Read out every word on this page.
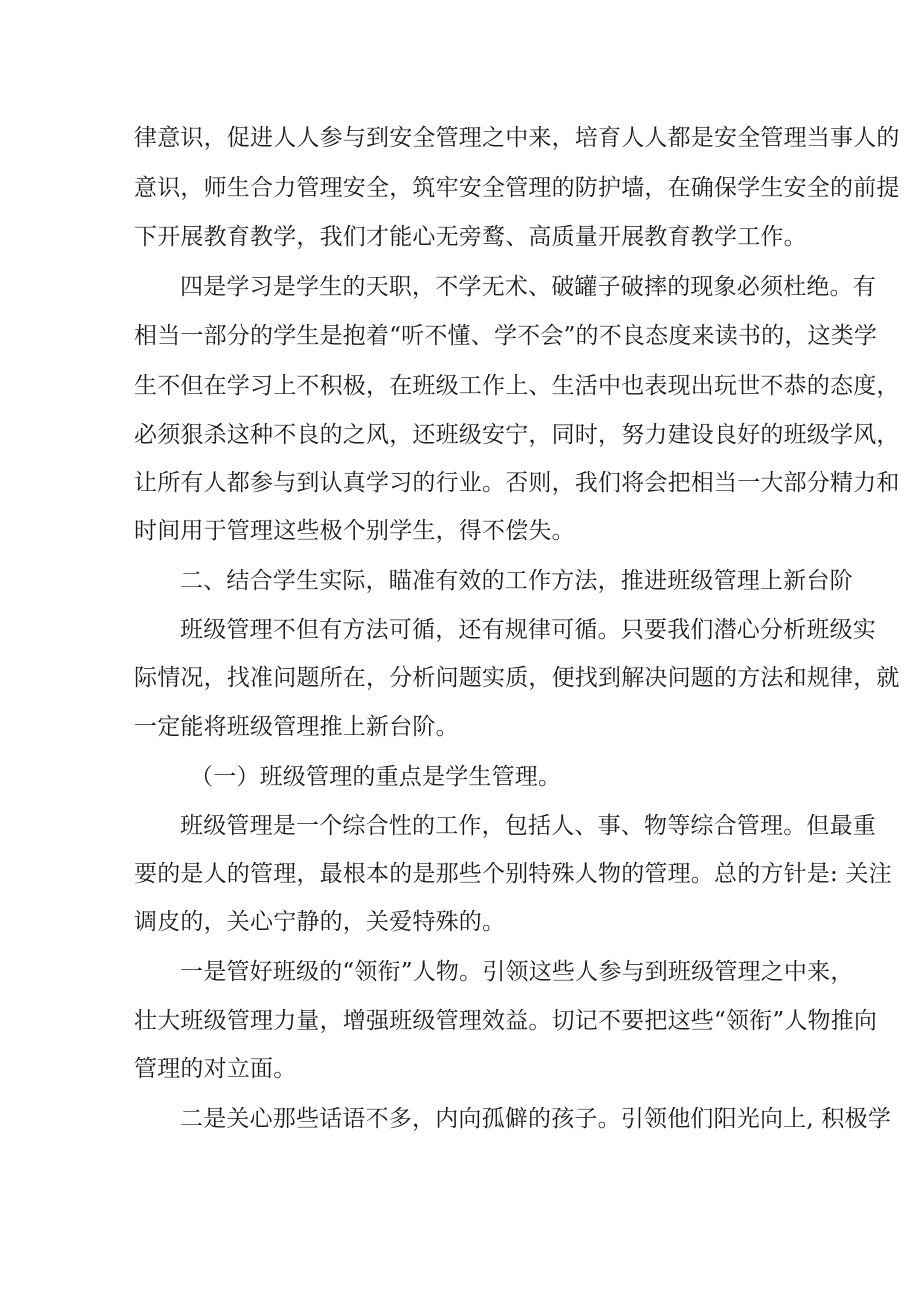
律意识，促进人人参与到安全管理之中来，培育人人都是安全管理当事人的
意识，师生合力管理安全，筑牢安全管理的防护墙，在确保学生安全的前提
下开展教育教学，我们才能心无旁鹜、高质量开展教育教学工作。
四是学习是学生的天职，不学无术、破罐子破摔的现象必须杜绝。有
相当一部分的学生是抱着“听不懂、学不会”的不良态度来读书的，这类学
生不但在学习上不积极，在班级工作上、生活中也表现出玩世不恭的态度，
必须狠杀这种不良的之风，还班级安宁，同时，努力建设良好的班级学风，
让所有人都参与到认真学习的行业。否则，我们将会把相当一大部分精力和
时间用于管理这些极个别学生，得不偿失。
二、结合学生实际，瞄准有效的工作方法，推进班级管理上新台阶
班级管理不但有方法可循，还有规律可循。只要我们潜心分析班级实
际情况，找准问题所在，分析问题实质，便找到解决问题的方法和规律，就
一定能将班级管理推上新台阶。
（一）班级管理的重点是学生管理。
班级管理是一个综合性的工作，包括人、事、物等综合管理。但最重
要的是人的管理，最根本的是那些个别特殊人物的管理。总的方针是: 关注
调皮的，关心宁静的，关爱特殊的。
一是管好班级的“领衔”人物。引领这些人参与到班级管理之中来，
壮大班级管理力量，增强班级管理效益。切记不要把这些“领衔”人物推向
管理的对立面。
二是关心那些话语不多，内向孤僻的孩子。引领他们阳光向上, 积极学
